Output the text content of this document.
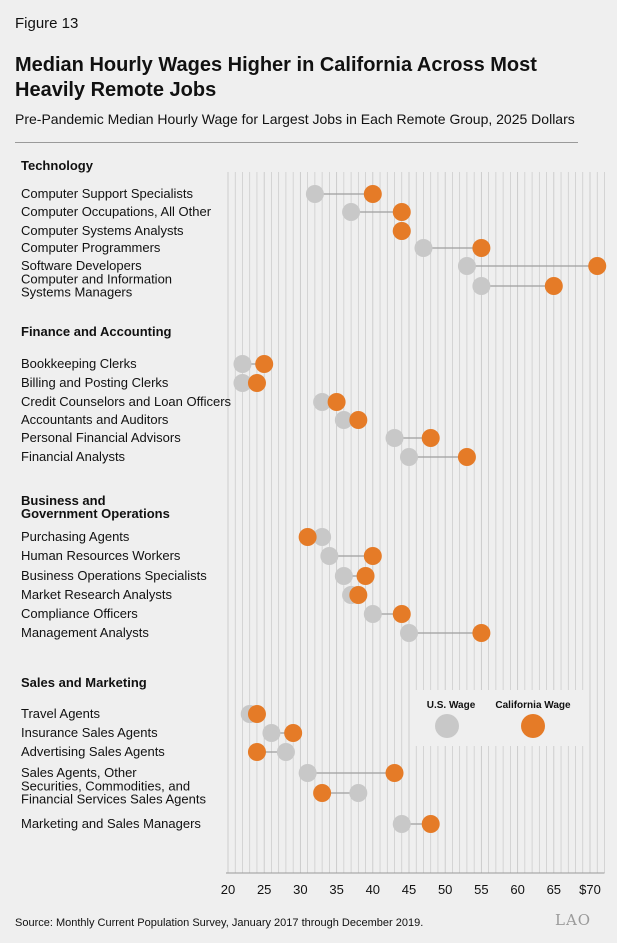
Figure 13
Median Hourly Wages Higher in California Across Most Heavily Remote Jobs
Pre-Pandemic Median Hourly Wage for Largest Jobs in Each Remote Group, 2025 Dollars
20 25 30 35 40 45 50 55 60 65 $70
Technology
Computer Support Specialists
Computer Occupations, All Other
Computer Systems Analysts
Computer Programmers
Software Developers
Computer and Information
Systems Managers
Finance and Accounting
Bookkeeping Clerks
Billing and Posting Clerks
Credit Counselors and Loan Officers
Accountants and Auditors
Personal Financial Advisors
Financial Analysts
Business and
Government Operations
Purchasing Agents
Human Resources Workers
Business Operations Specialists
Market Research Analysts
Compliance Officers
Management Analysts
Sales and Marketing
Travel Agents
Insurance Sales Agents
Advertising Sales Agents
Sales Agents, Other
Securities, Commodities, and
Financial Services Sales Agents
Marketing and Sales Managers
U.S. Wage California Wage
Source: Monthly Current Population Survey, January 2017 through December 2019.	LAO
